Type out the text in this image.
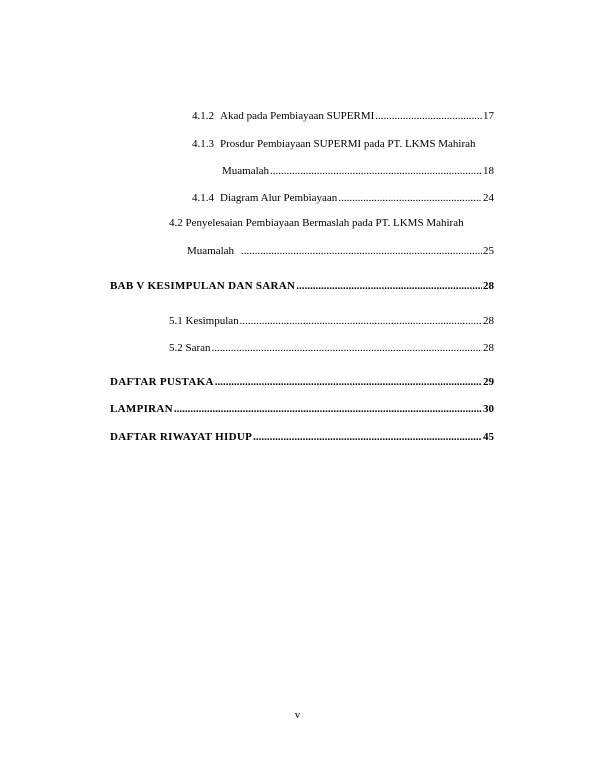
4.1.2 Akad pada Pembiayaan SUPERMI .....	17
4.1.3 Prosdur Pembiayaan SUPERMI pada PT. LKMS Mahirah
Muamalah .....	18
4.1.4 Diagram Alur Pembiayaan .....	24
4.2 Penyelesaian Pembiayaan Bermaslah pada PT. LKMS Mahirah
Muamalah .....	25
BAB V KESIMPULAN DAN SARAN .....	28
5.1 Kesimpulan .....	28
5.2 Saran .....	28
DAFTAR PUSTAKA .....	29
LAMPIRAN .....	30
DAFTAR RIWAYAT HIDUP .....	45
v
